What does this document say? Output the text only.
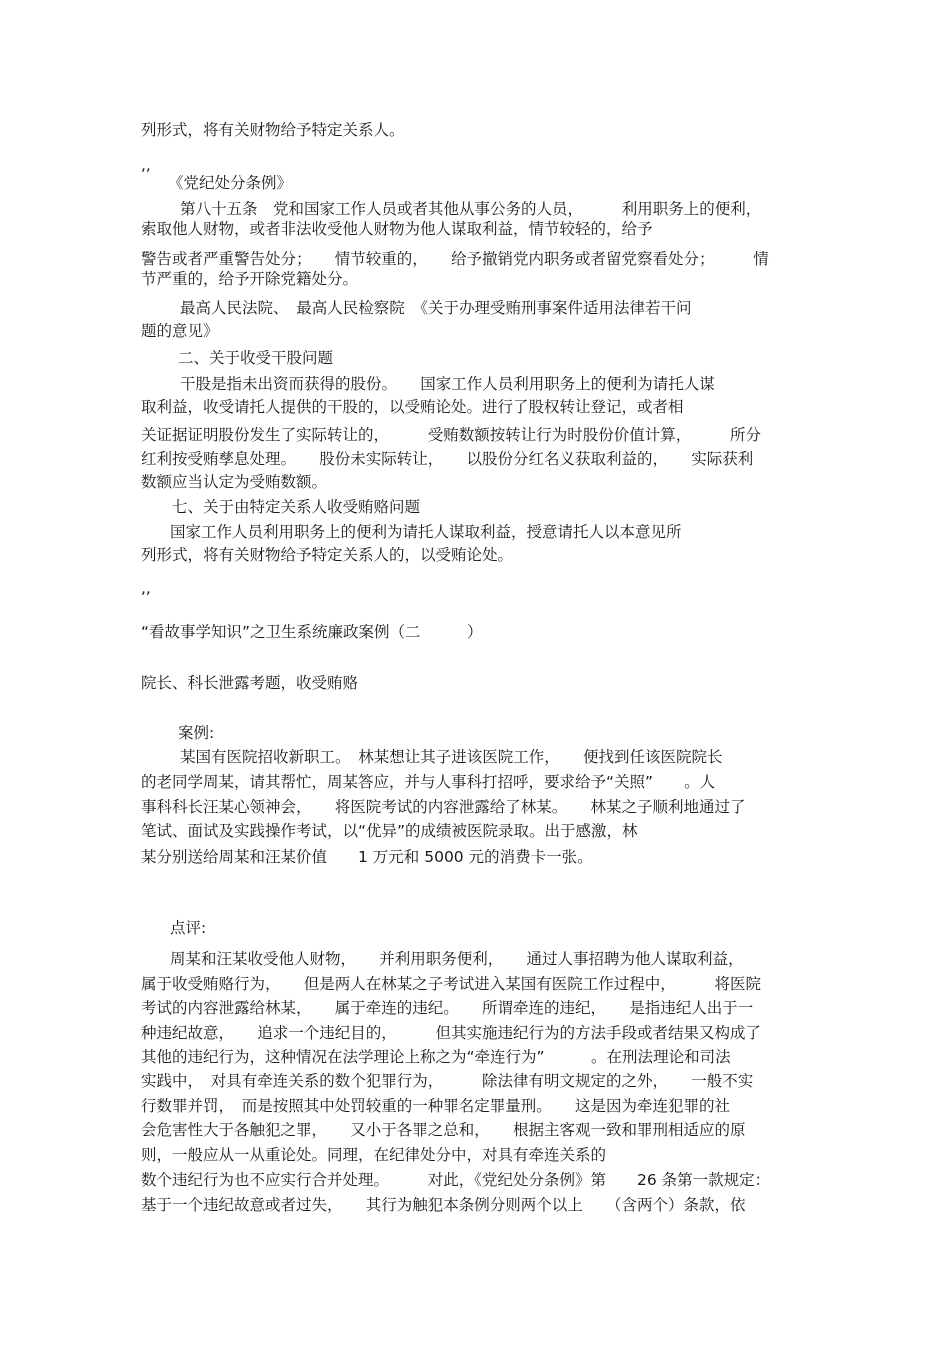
列形式，将有关财物给予特定关系人。

,,

《党纪处分条例》

第八十五条　党和国家工作人员或者其他从事公务的人员，　　　利用职务上的便利，

索取他人财物，或者非法收受他人财物为他人谋取利益，情节较轻的，给予

警告或者严重警告处分；　　情节较重的，　　给予撤销党内职务或者留党察看处分；　　　情

节严重的，给予开除党籍处分。

最高人民法院、　最高人民检察院　《关于办理受贿刑事案件适用法律若干问

题的意见》

二、关于收受干股问题

干股是指未出资而获得的股份。　　国家工作人员利用职务上的便利为请托人谋

取利益，收受请托人提供的干股的，以受贿论处。进行了股权转让登记，或者相

关证据证明股份发生了实际转让的，　　　受贿数额按转让行为时股份价值计算，　　　所分

红利按受贿孳息处理。　　股份未实际转让，　　以股份分红名义获取利益的，　　实际获利

数额应当认定为受贿数额。

七、关于由特定关系人收受贿赂问题

国家工作人员利用职务上的便利为请托人谋取利益，授意请托人以本意见所

列形式，将有关财物给予特定关系人的，以受贿论处。

,,

“看故事学知识”之卫生系统廉政案例（二　　　）

院长、科长泄露考题，收受贿赂

案例:

某国有医院招收新职工。　林某想让其子进该医院工作，　　便找到任该医院院长

的老同学周某，请其帮忙，周某答应，并与人事科打招呼，要求给予“关照”　　。人

事科科长汪某心领神会，　　将医院考试的内容泄露给了林某。　　林某之子顺利地通过了

笔试、面试及实践操作考试，以“优异”的成绩被医院录取。出于感激，林

某分别送给周某和汪某价值　　1 万元和 5000 元的消费卡一张。

点评:

周某和汪某收受他人财物，　　并利用职务便利，　　通过人事招聘为他人谋取利益，

属于收受贿赂行为，　　但是两人在林某之子考试进入某国有医院工作过程中，　　　将医院

考试的内容泄露给林某，　　属于牵连的违纪。　　所谓牵连的违纪，　　是指违纪人出于一

种违纪故意，　　追求一个违纪目的，　　　但其实施违纪行为的方法手段或者结果又构成了

其他的违纪行为，这种情况在法学理论上称之为“牵连行为”　　　。在刑法理论和司法

实践中，　对具有牵连关系的数个犯罪行为，　　　除法律有明文规定的之外，　　一般不实

行数罪并罚，　而是按照其中处罚较重的一种罪名定罪量刑。　　这是因为牵连犯罪的社

会危害性大于各触犯之罪，　　又小于各罪之总和，　　根据主客观一致和罪刑相适应的原

则，一般应从一从重论处。同理，在纪律处分中，对具有牵连关系的

数个违纪行为也不应实行合并处理。　　　对此，《党纪处分条例》第　　26 条第一款规定：

基于一个违纪故意或者过失，　　其行为触犯本条例分则两个以上　　（含两个）条款，依
